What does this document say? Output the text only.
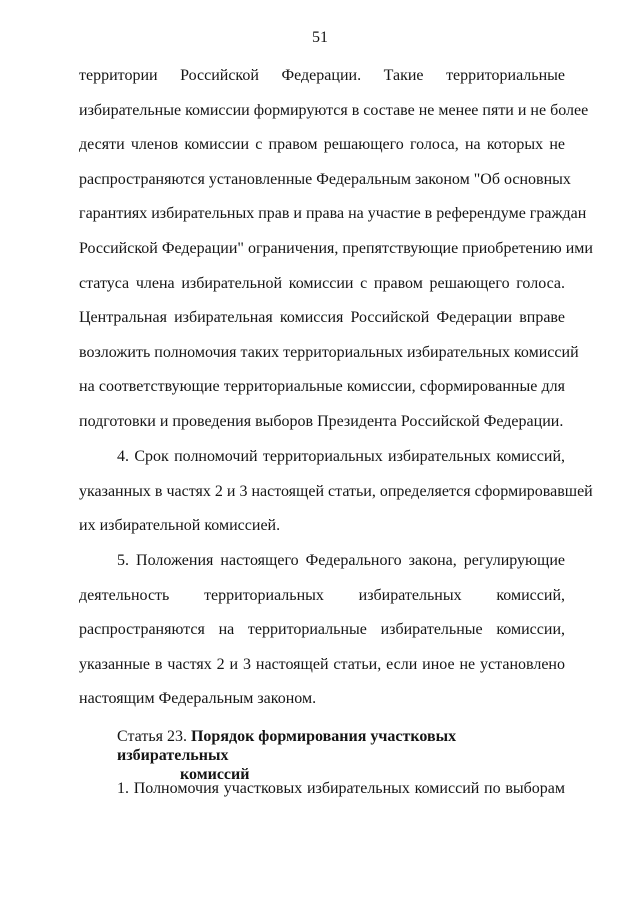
51
территории Российской Федерации. Такие территориальные
избирательные комиссии формируются в составе не менее пяти и не более
десяти членов комиссии с правом решающего голоса, на которых не
распространяются установленные Федеральным законом "Об основных
гарантиях избирательных прав и права на участие в референдуме граждан
Российской Федерации" ограничения, препятствующие приобретению ими
статуса члена избирательной комиссии с правом решающего голоса.
Центральная избирательная комиссия Российской Федерации вправе
возложить полномочия таких территориальных избирательных комиссий
на соответствующие территориальные комиссии, сформированные для
подготовки и проведения выборов Президента Российской Федерации.
4. Срок полномочий территориальных избирательных комиссий,
указанных в частях 2 и 3 настоящей статьи, определяется сформировавшей
их избирательной комиссией.
5. Положения настоящего Федерального закона, регулирующие
деятельность территориальных избирательных комиссий,
распространяются на территориальные избирательные комиссии,
указанные в частях 2 и 3 настоящей статьи, если иное не установлено
настоящим Федеральным законом.
Статья 23. Порядок формирования участковых избирательных
комиссий
1. Полномочия участковых избирательных комиссий по выборам
